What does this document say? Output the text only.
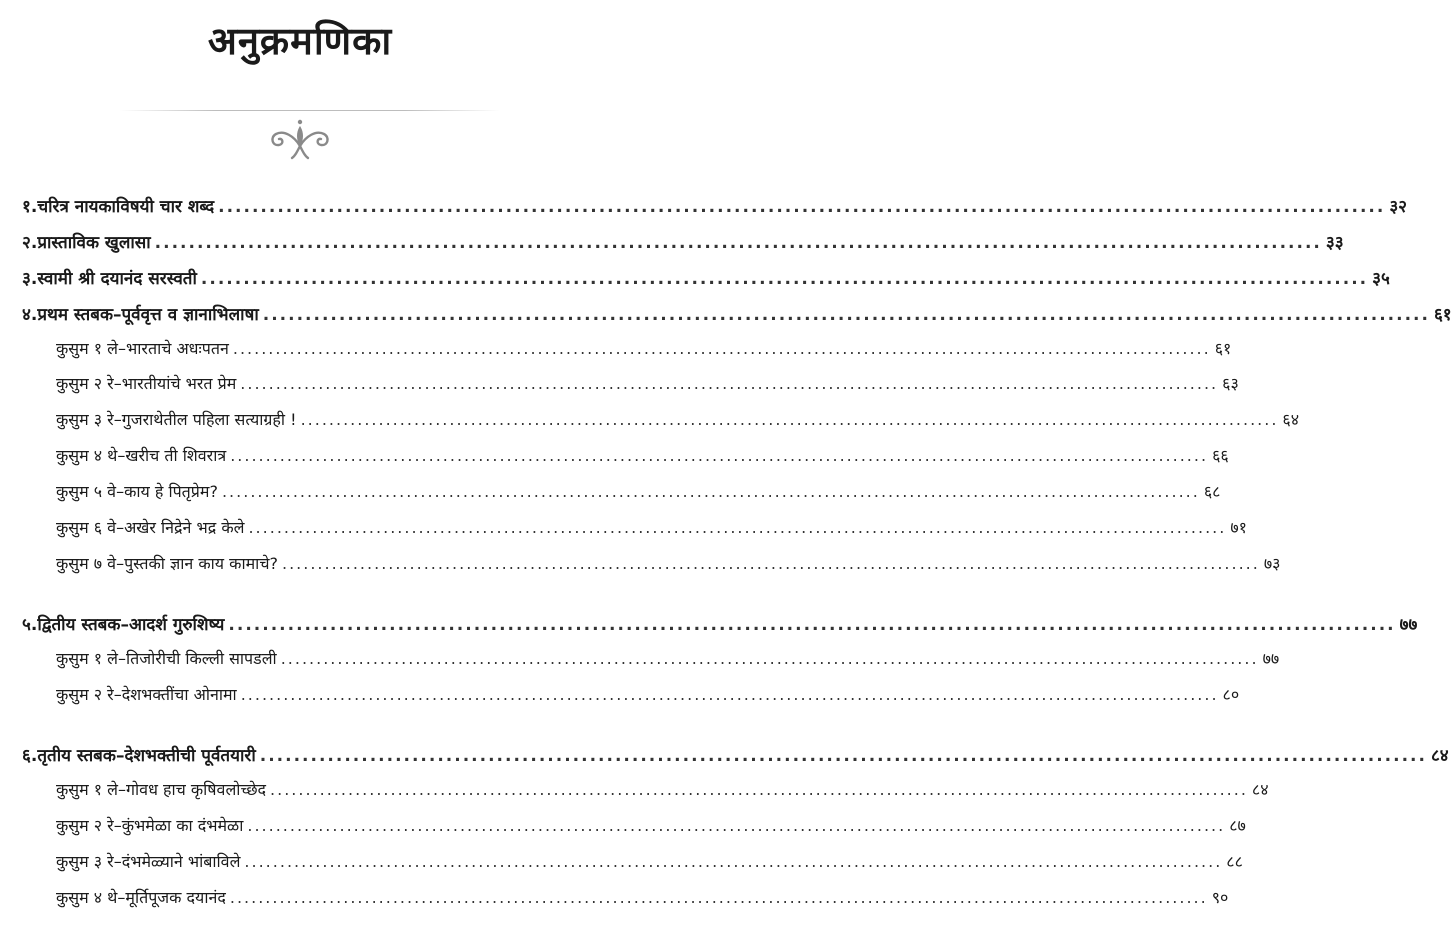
अनुक्रमणिका
१. चरित्र नायकाविषयी चार शब्द .......................................................................................................................................... ३२
२. प्रास्ताविक खुलासा .......................................................................................................................................... ३३
३. स्वामी श्री दयानंद सरस्वती .......................................................................................................................................... ३५
४. प्रथम स्तबक – पूर्ववृत्त व ज्ञानाभिलाषा .......................................................................................................................................... ६१
कुसुम १ ले – भारताचे अधःपतन .......................................................................................................................................... ६१
कुसुम २ रे – भारतीयांचे भरत प्रेम .......................................................................................................................................... ६३
कुसुम ३ रे – गुजराथेतील पहिला सत्याग्रही ! .......................................................................................................................................... ६४
कुसुम ४ थे – खरीच ती शिवरात्र .......................................................................................................................................... ६६
कुसुम ५ वे – काय हे पितृप्रेम? .......................................................................................................................................... ६८
कुसुम ६ वे – अखेर निद्रेने भद्र केले .......................................................................................................................................... ७१
कुसुम ७ वे – पुस्तकी ज्ञान काय कामाचे? .......................................................................................................................................... ७३
५. द्वितीय स्तबक – आदर्श गुरुशिष्य .......................................................................................................................................... ७७
कुसुम १ ले – तिजोरीची किल्ली सापडली .......................................................................................................................................... ७७
कुसुम २ रे – देशभक्तींचा ओनामा .......................................................................................................................................... ८०
६. तृतीय स्तबक – देशभक्तीची पूर्वतयारी .......................................................................................................................................... ८४
कुसुम १ ले – गोवध हाच कृषिवलोच्छेद .......................................................................................................................................... ८४
कुसुम २ रे – कुंभमेळा का दंभमेळा .......................................................................................................................................... ८७
कुसुम ३ रे – दंभमेळ्याने भांबाविले .......................................................................................................................................... ८८
कुसुम ४ थे – मूर्तिपूजक दयानंद .......................................................................................................................................... ९०
